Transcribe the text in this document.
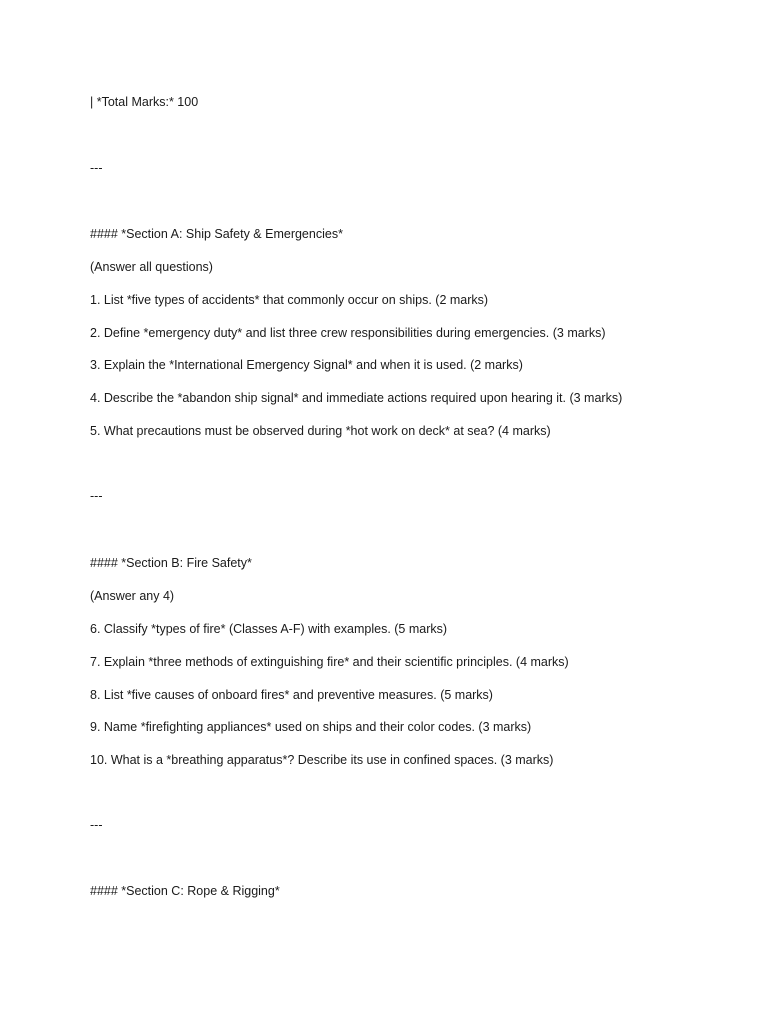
| *Total Marks:* 100
---
#### *Section A: Ship Safety & Emergencies*
(Answer all questions)
1. List *five types of accidents* that commonly occur on ships. (2 marks)
2. Define *emergency duty* and list three crew responsibilities during emergencies. (3 marks)
3. Explain the *International Emergency Signal* and when it is used. (2 marks)
4. Describe the *abandon ship signal* and immediate actions required upon hearing it. (3 marks)
5. What precautions must be observed during *hot work on deck* at sea? (4 marks)
---
#### *Section B: Fire Safety*
(Answer any 4)
6. Classify *types of fire* (Classes A-F) with examples. (5 marks)
7. Explain *three methods of extinguishing fire* and their scientific principles. (4 marks)
8. List *five causes of onboard fires* and preventive measures. (5 marks)
9. Name *firefighting appliances* used on ships and their color codes. (3 marks)
10. What is a *breathing apparatus*? Describe its use in confined spaces. (3 marks)
---
#### *Section C: Rope & Rigging*
